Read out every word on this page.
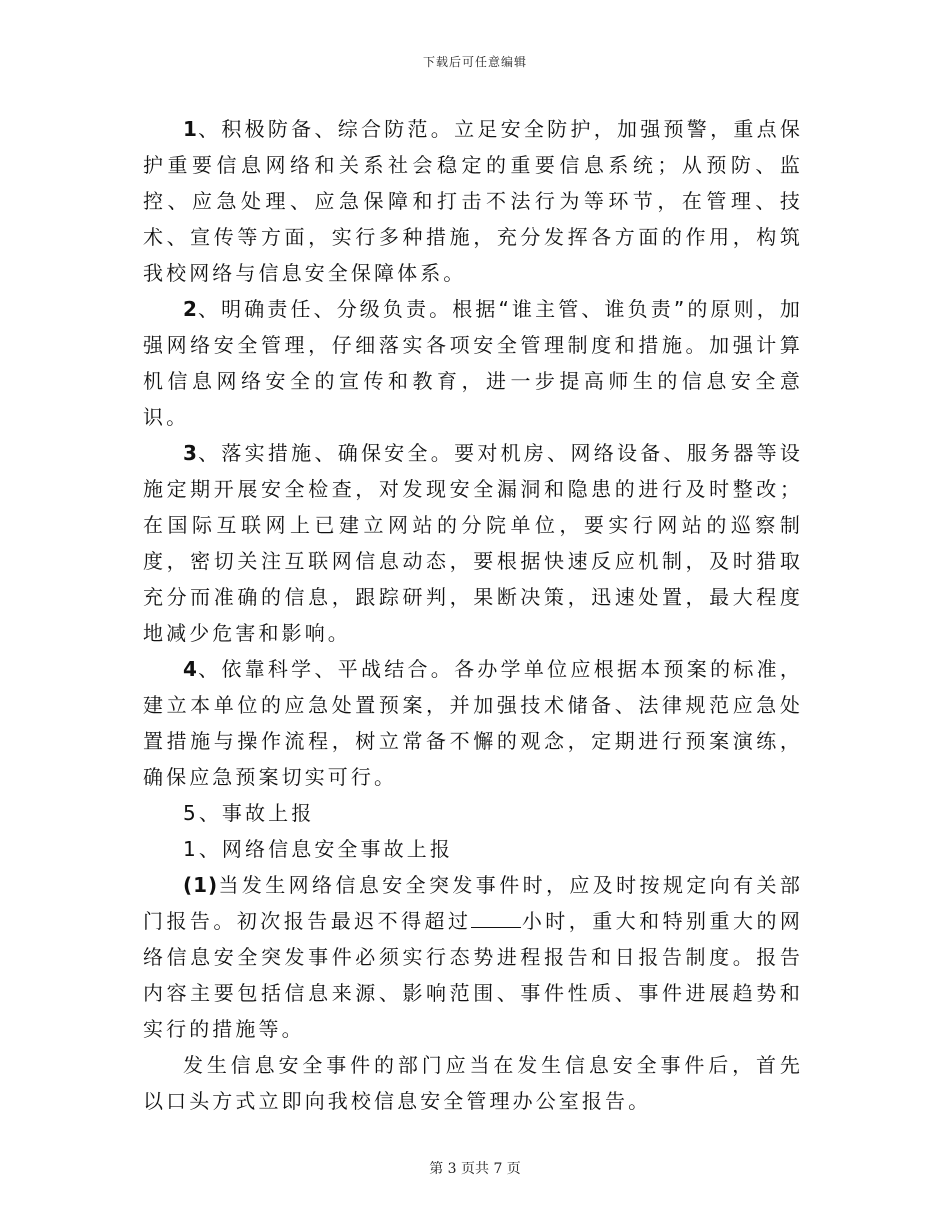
下载后可任意编辑

1、积极防备、综合防范。立足安全防护，加强预警，重点保护重要信息网络和关系社会稳定的重要信息系统；从预防、监控、应急处理、应急保障和打击不法行为等环节，在管理、技术、宣传等方面，实行多种措施，充分发挥各方面的作用，构筑我校网络与信息安全保障体系。

2、明确责任、分级负责。根据“谁主管、谁负责”的原则，加强网络安全管理，仔细落实各项安全管理制度和措施。加强计算机信息网络安全的宣传和教育，进一步提高师生的信息安全意识。

3、落实措施、确保安全。要对机房、网络设备、服务器等设施定期开展安全检查，对发现安全漏洞和隐患的进行及时整改；在国际互联网上已建立网站的分院单位，要实行网站的巡察制度，密切关注互联网信息动态，要根据快速反应机制，及时猎取充分而准确的信息，跟踪研判，果断决策，迅速处置，最大程度地减少危害和影响。

4、依靠科学、平战结合。各办学单位应根据本预案的标准，建立本单位的应急处置预案，并加强技术储备、法律规范应急处置措施与操作流程，树立常备不懈的观念，定期进行预案演练，确保应急预案切实可行。

5、事故上报

1、网络信息安全事故上报

(1)当发生网络信息安全突发事件时，应及时按规定向有关部门报告。初次报告最迟不得超过	小时，重大和特别重大的网络信息安全突发事件必须实行态势进程报告和日报告制度。报告内容主要包括信息来源、影响范围、事件性质、事件进展趋势和实行的措施等。

发生信息安全事件的部门应当在发生信息安全事件后，首先以口头方式立即向我校信息安全管理办公室报告。

第 3 页共 7 页
